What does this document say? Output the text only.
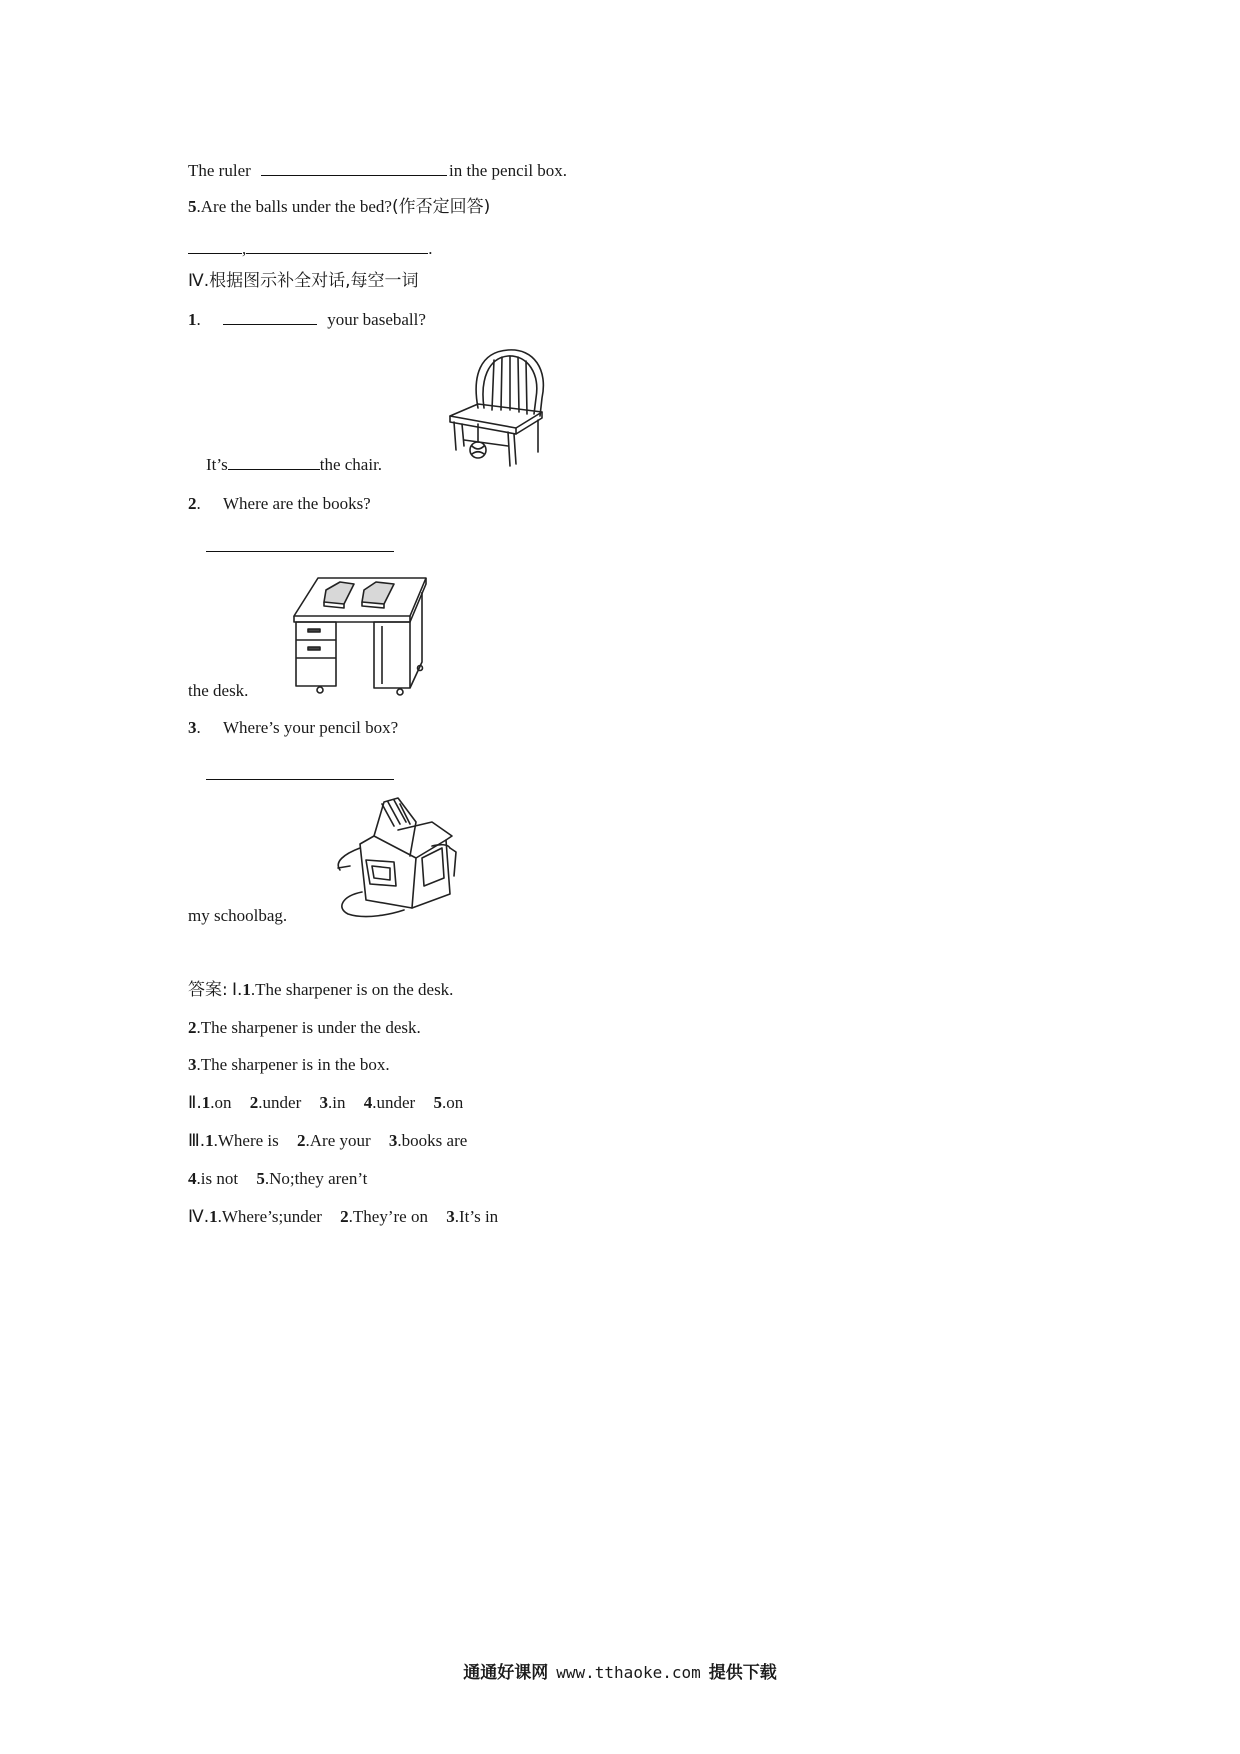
The ruler	in the pencil box.
5.Are the balls under the bed?(作否定回答)
,	.
Ⅳ.根据图示补全对话,每空一词
1.	your baseball?
It’s	the chair.
2. Where are the books?
the desk.
3. Where’s your pencil box?
my schoolbag.
答案: Ⅰ.1.The sharpener is on the desk.
2.The sharpener is under the desk.
3.The sharpener is in the box.
Ⅱ.1.on 2.under 3.in 4.under 5.on
Ⅲ.1.Where is 2.Are your 3.books are
4.is not 5.No;they aren’t
Ⅳ.1.Where’s;under 2.They’re on 3.It’s in
通通好课网 www.tthaoke.com 提供下载
